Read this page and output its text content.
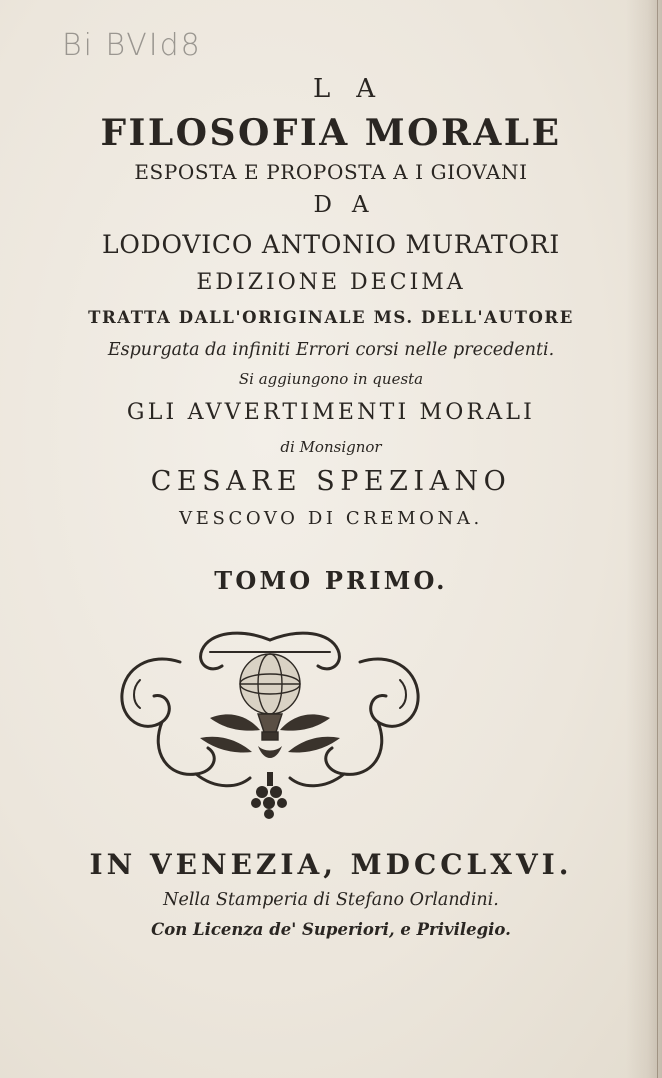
Bi BVId8
LA
FILOSOFIA MORALE
ESPOSTA E PROPOSTA A I GIOVANI
DA
LODOVICO ANTONIO MURATORI
EDIZIONE DECIMA
TRATTA DALL'ORIGINALE MS. DELL'AUTORE
Espurgata da infiniti Errori corsi nelle precedenti.
Si aggiungono in questa
GLI AVVERTIMENTI MORALI
di Monsignor
CESARE SPEZIANO
VESCOVO DI CREMONA.
TOMO PRIMO.
IN VENEZIA, MDCCLXVI.
Nella Stamperia di Stefano Orlandini.
Con Licenza de' Superiori, e Privilegio.
